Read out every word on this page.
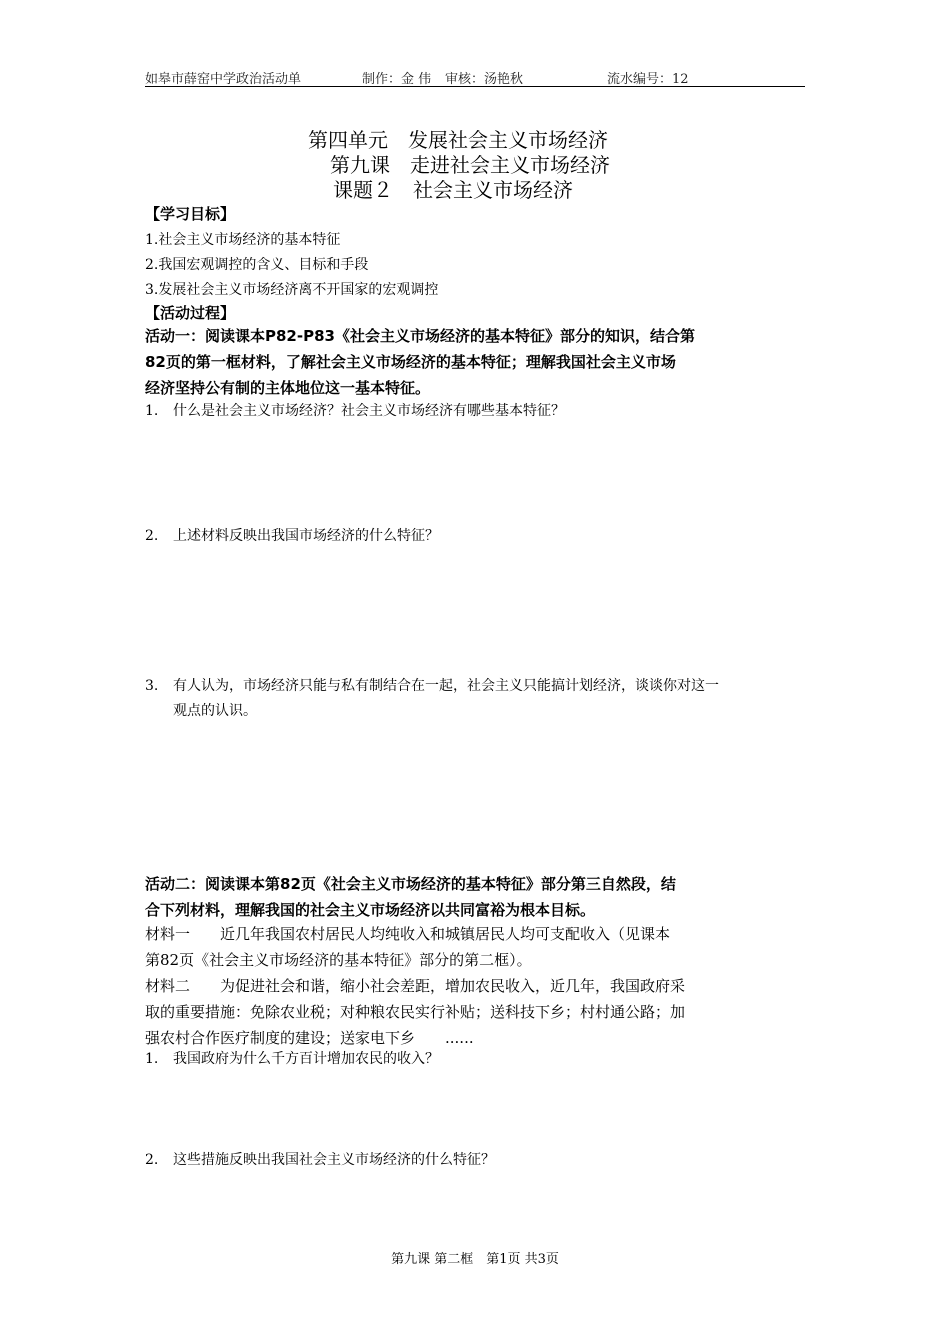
如皋市薛窑中学政治活动单	制作：金 伟 审核：汤艳秋	流水编号：12
第四单元　发展社会主义市场经济
第九课　走进社会主义市场经济
课题２　社会主义市场经济
【学习目标】
1.社会主义市场经济的基本特征
2.我国宏观调控的含义、目标和手段
3.发展社会主义市场经济离不开国家的宏观调控
【活动过程】
活动一：阅读课本P82-P83《社会主义市场经济的基本特征》部分的知识，结合第
82页的第一框材料，了解社会主义市场经济的基本特征；理解我国社会主义市场
经济坚持公有制的主体地位这一基本特征。
1. 什么是社会主义市场经济？社会主义市场经济有哪些基本特征？
2. 上述材料反映出我国市场经济的什么特征？
3. 有人认为，市场经济只能与私有制结合在一起，社会主义只能搞计划经济，谈谈你对这一
观点的认识。
活动二：阅读课本第82页《社会主义市场经济的基本特征》部分第三自然段，结
合下列材料，理解我国的社会主义市场经济以共同富裕为根本目标。
材料一　　近几年我国农村居民人均纯收入和城镇居民人均可支配收入（见课本
第82页《社会主义市场经济的基本特征》部分的第二框）。
材料二　　为促进社会和谐，缩小社会差距，增加农民收入，近几年，我国政府采
取的重要措施：免除农业税；对种粮农民实行补贴；送科技下乡；村村通公路；加
强农村合作医疗制度的建设；送家电下乡　　......
1. 我国政府为什么千方百计增加农民的收入？
2. 这些措施反映出我国社会主义市场经济的什么特征？
第九课 第二框　第1页 共3页
